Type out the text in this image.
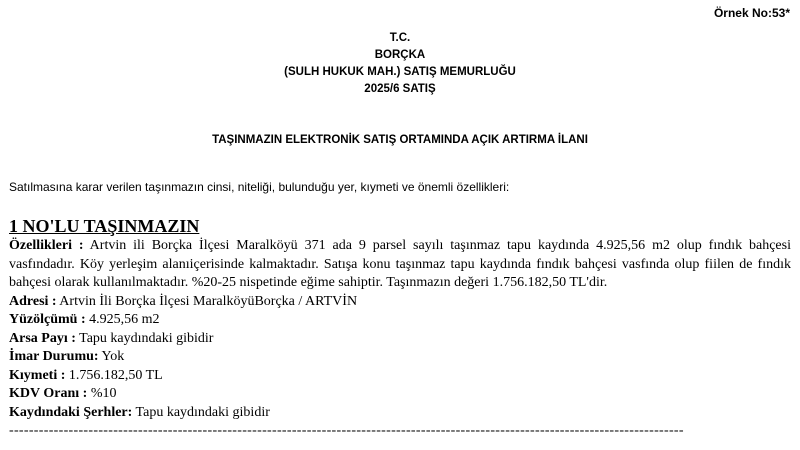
Örnek No:53*
T.C.
BORÇKA
(SULH HUKUK MAH.) SATIŞ MEMURLUĞU
2025/6 SATIŞ
TAŞINMAZIN ELEKTRONİK SATIŞ ORTAMINDA AÇIK ARTIRMA İLANI
Satılmasına karar verilen taşınmazın cinsi, niteliği, bulunduğu yer, kıymeti ve önemli özellikleri:
1 NO'LU TAŞINMAZIN
Özellikleri : Artvin ili Borçka İlçesi Maralköyü 371 ada 9 parsel sayılı taşınmaz tapu kaydında 4.925,56 m2 olup fındık bahçesi vasfındadır. Köy yerleşim alanıiçerisinde kalmaktadır. Satışa konu taşınmaz tapu kaydında fındık bahçesi vasfında olup fiilen de fındık bahçesi olarak kullanılmaktadır. %20-25 nispetinde eğime sahiptir. Taşınmazın değeri 1.756.182,50 TL'dir.
Adresi : Artvin İli Borçka İlçesi MaralköyüBorçka / ARTVİN
Yüzölçümü : 4.925,56 m2
Arsa Payı : Tapu kaydındaki gibidir
İmar Durumu: Yok
Kıymeti : 1.756.182,50 TL
KDV Oranı : %10
Kaydındaki Şerhler: Tapu kaydındaki gibidir
----------------------------------------------------------------------------------------------------------------------------------------
